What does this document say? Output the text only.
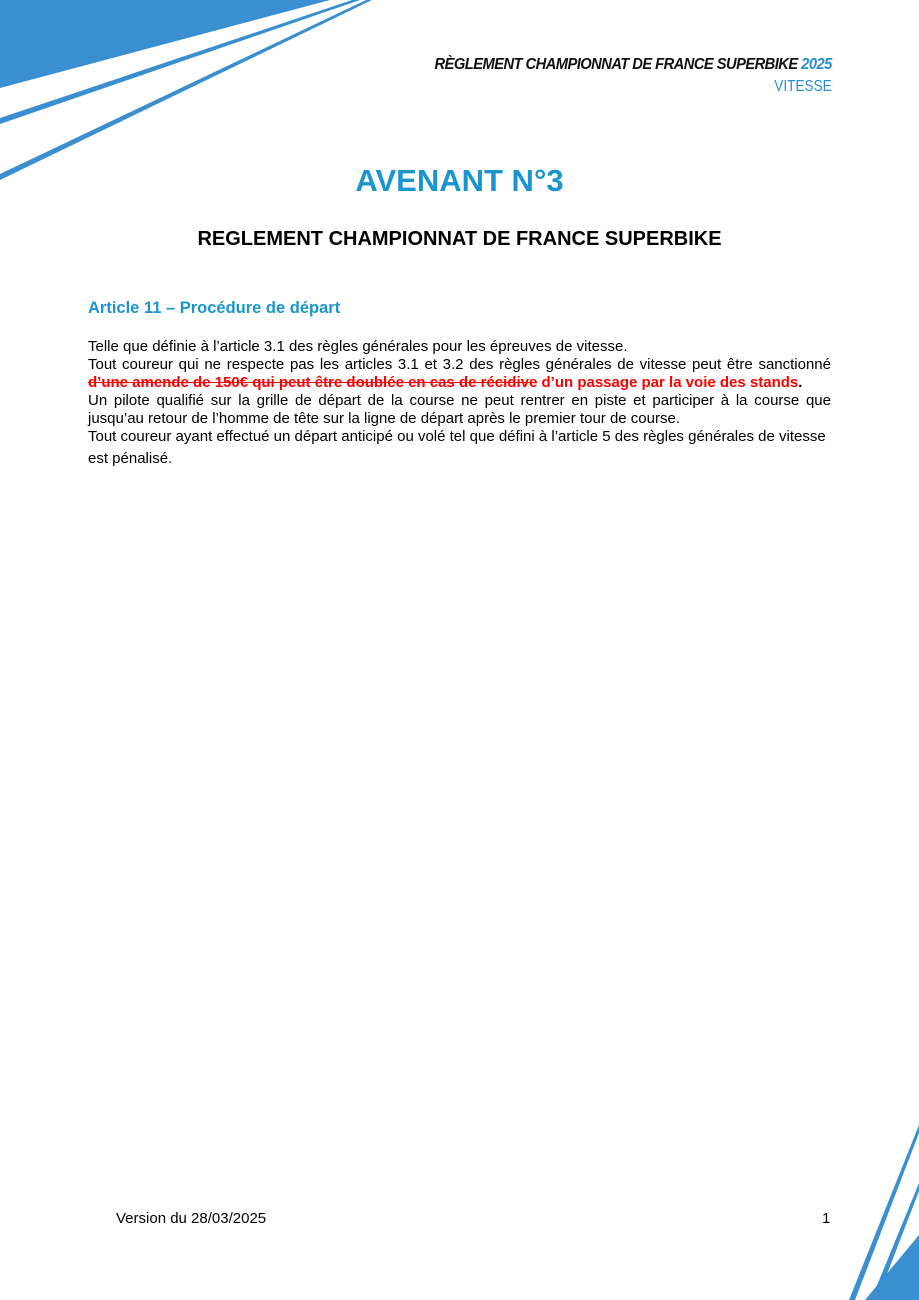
RÈGLEMENT CHAMPIONNAT DE FRANCE SUPERBIKE 2025
VITESSE
AVENANT N°3
REGLEMENT CHAMPIONNAT DE FRANCE SUPERBIKE
Article 11 – Procédure de départ

Telle que définie à l’article 3.1 des règles générales pour les épreuves de vitesse.

Tout coureur qui ne respecte pas les articles 3.1 et 3.2 des règles générales de vitesse peut être sanctionné d’une amende de 150€ qui peut être doublée en cas de récidive d’un passage par la voie des stands.

Un pilote qualifié sur la grille de départ de la course ne peut rentrer en piste et participer à la course que jusqu’au retour de l’homme de tête sur la ligne de départ après le premier tour de course.

Tout coureur ayant effectué un départ anticipé ou volé tel que défini à l’article 5 des règles générales de vitesse
est pénalisé.

Version du 28/03/2025	1
